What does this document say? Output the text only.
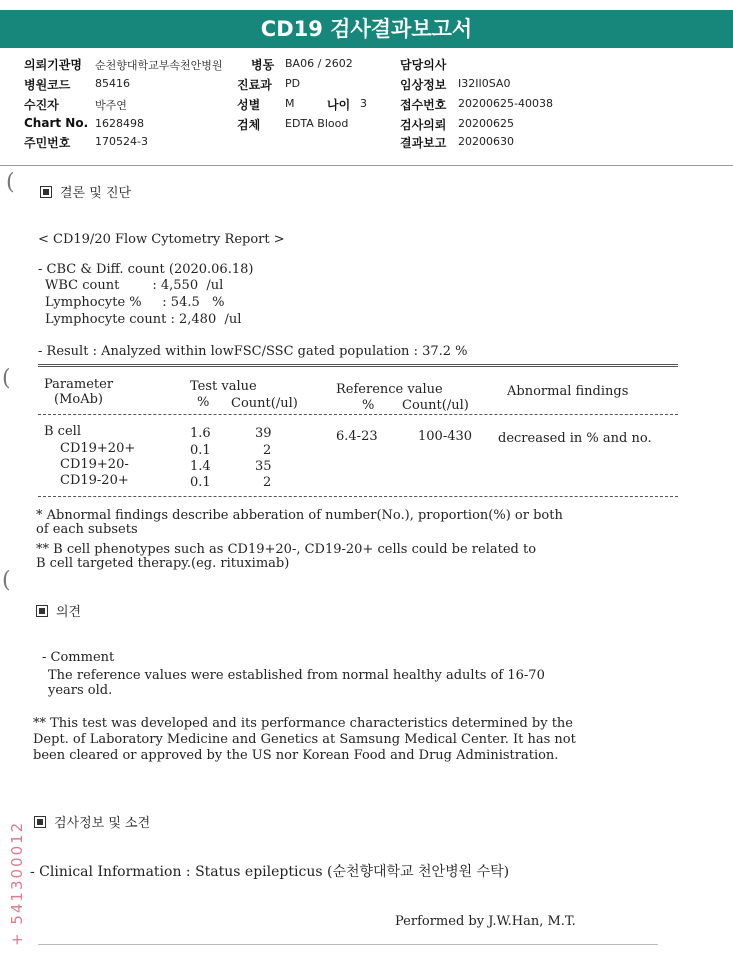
CD19 검사결과보고서
의뢰기관명 순천향대학교부속천안병원
병원코드 85416
수진자	박주연
Chart No. 1628498
주민번호 170524-3
병동 BA06 / 2602
진료과 PD
성별 M	나이 3
검체 EDTA Blood
담당의사
임상정보 I32II0SA0
접수번호 20200625-40038
검사의뢰 20200625
결과보고 20200630
(
(
(
결론 및 진단
< CD19/20 Flow Cytometry Report >
- CBC & Diff. count (2020.06.18)
WBC count        : 4,550  /ul
Lymphocyte %     : 54.5   %
Lymphocyte count : 2,480  /ul
- Result : Analyzed within lowFSC/SSC gated population : 37.2 %
Parameter
(MoAb)
Test value
% Count(/ul)
Reference value
% Count(/ul)
Abnormal findings
B cell	1.6	39	6.4-23	100-430 decreased in % and no.
CD19+20+	0.1	2
CD19+20-	1.4	35
CD19-20+	0.1	2
* Abnormal findings describe abberation of number(No.), proportion(%) or both
of each subsets
** B cell phenotypes such as CD19+20-, CD19-20+ cells could be related to
B cell targeted therapy.(eg. rituximab)
의견
- Comment
The reference values were established from normal healthy adults of 16-70
years old.
** This test was developed and its performance characteristics determined by the
Dept. of Laboratory Medicine and Genetics at Samsung Medical Center. It has not
been cleared or approved by the US nor Korean Food and Drug Administration.
검사정보 및 소견
- Clinical Information : Status epilepticus (순천향대학교 천안병원 수탁)
Performed by J.W.Han, M.T.
+ 541300012
